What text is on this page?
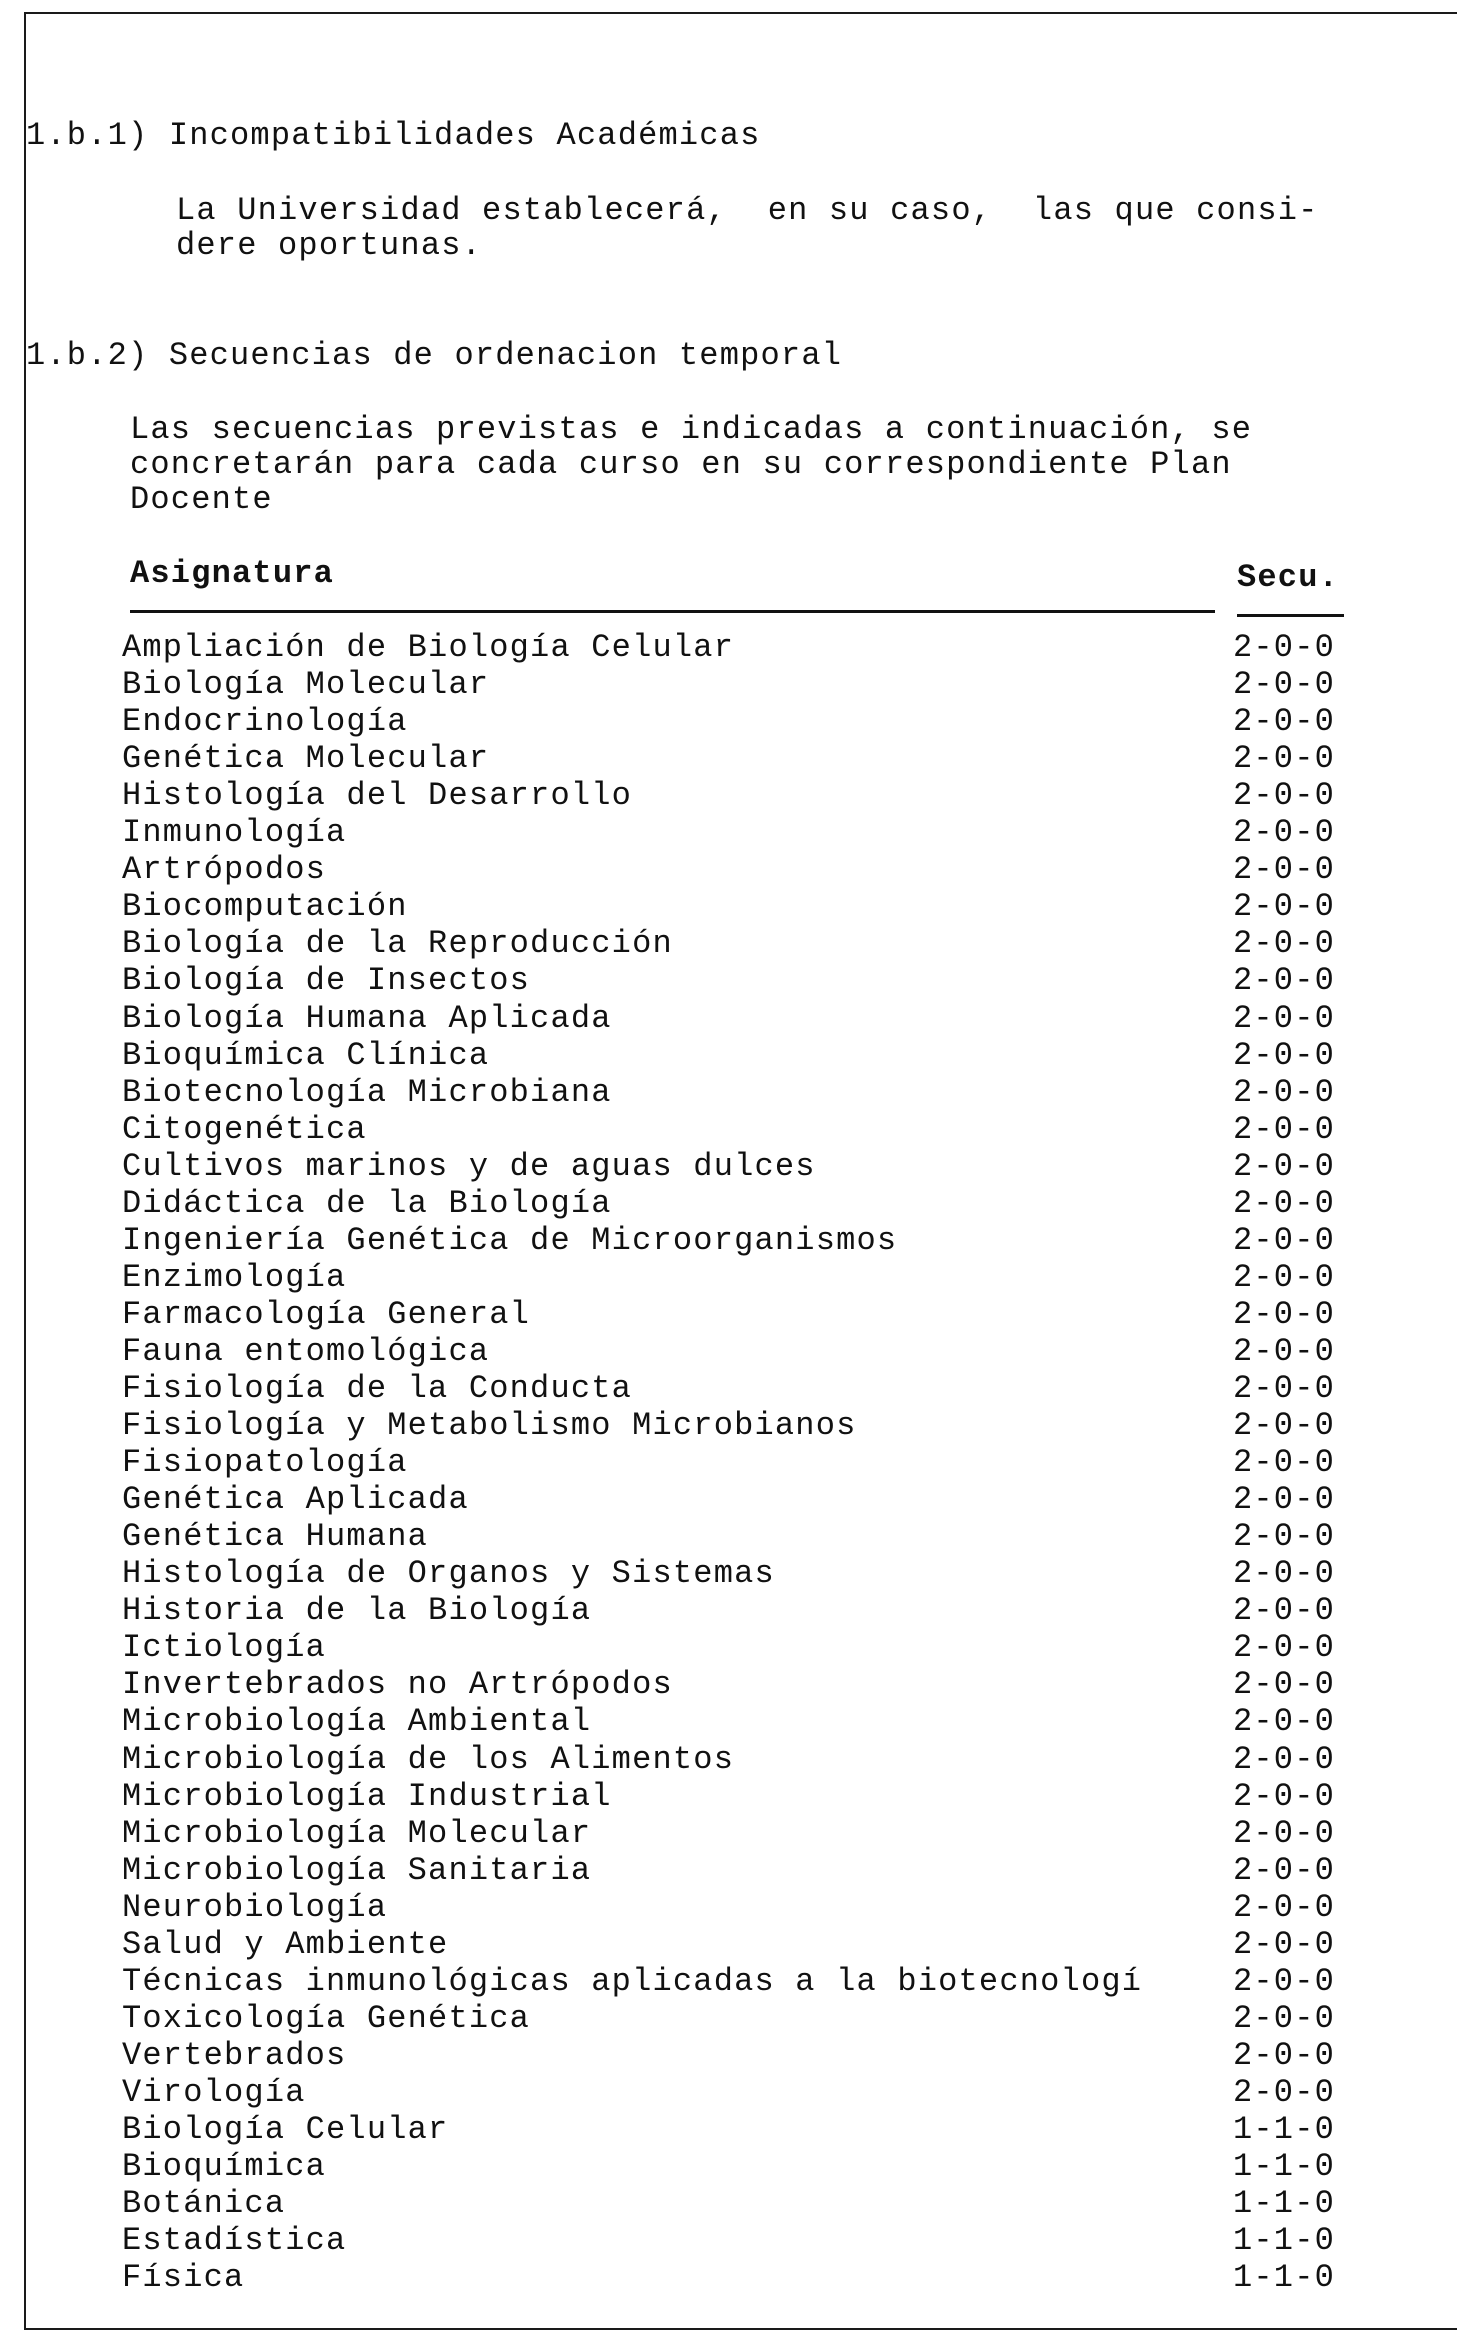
1.b.1) Incompatibilidades Académicas
La Universidad establecerá,  en su caso,  las que consi-
dere oportunas.
1.b.2) Secuencias de ordenacion temporal
Las secuencias previstas e indicadas a continuación, se
concretarán para cada curso en su correspondiente Plan
Docente
Asignatura	Secu.
Ampliación de Biología Celular	2-0-0
Biología Molecular	2-0-0
Endocrinología	2-0-0
Genética Molecular	2-0-0
Histología del Desarrollo	2-0-0
Inmunología	2-0-0
Artrópodos	2-0-0
Biocomputación	2-0-0
Biología de la Reproducción	2-0-0
Biología de Insectos	2-0-0
Biología Humana Aplicada	2-0-0
Bioquímica Clínica	2-0-0
Biotecnología Microbiana	2-0-0
Citogenética	2-0-0
Cultivos marinos y de aguas dulces	2-0-0
Didáctica de la Biología	2-0-0
Ingeniería Genética de Microorganismos	2-0-0
Enzimología	2-0-0
Farmacología General	2-0-0
Fauna entomológica	2-0-0
Fisiología de la Conducta	2-0-0
Fisiología y Metabolismo Microbianos	2-0-0
Fisiopatología	2-0-0
Genética Aplicada	2-0-0
Genética Humana	2-0-0
Histología de Organos y Sistemas	2-0-0
Historia de la Biología	2-0-0
Ictiología	2-0-0
Invertebrados no Artrópodos	2-0-0
Microbiología Ambiental	2-0-0
Microbiología de los Alimentos	2-0-0
Microbiología Industrial	2-0-0
Microbiología Molecular	2-0-0
Microbiología Sanitaria	2-0-0
Neurobiología	2-0-0
Salud y Ambiente	2-0-0
Técnicas inmunológicas aplicadas a la biotecnologí	2-0-0
Toxicología Genética	2-0-0
Vertebrados	2-0-0
Virología	2-0-0
Biología Celular	1-1-0
Bioquímica	1-1-0
Botánica	1-1-0
Estadística	1-1-0
Física	1-1-0
